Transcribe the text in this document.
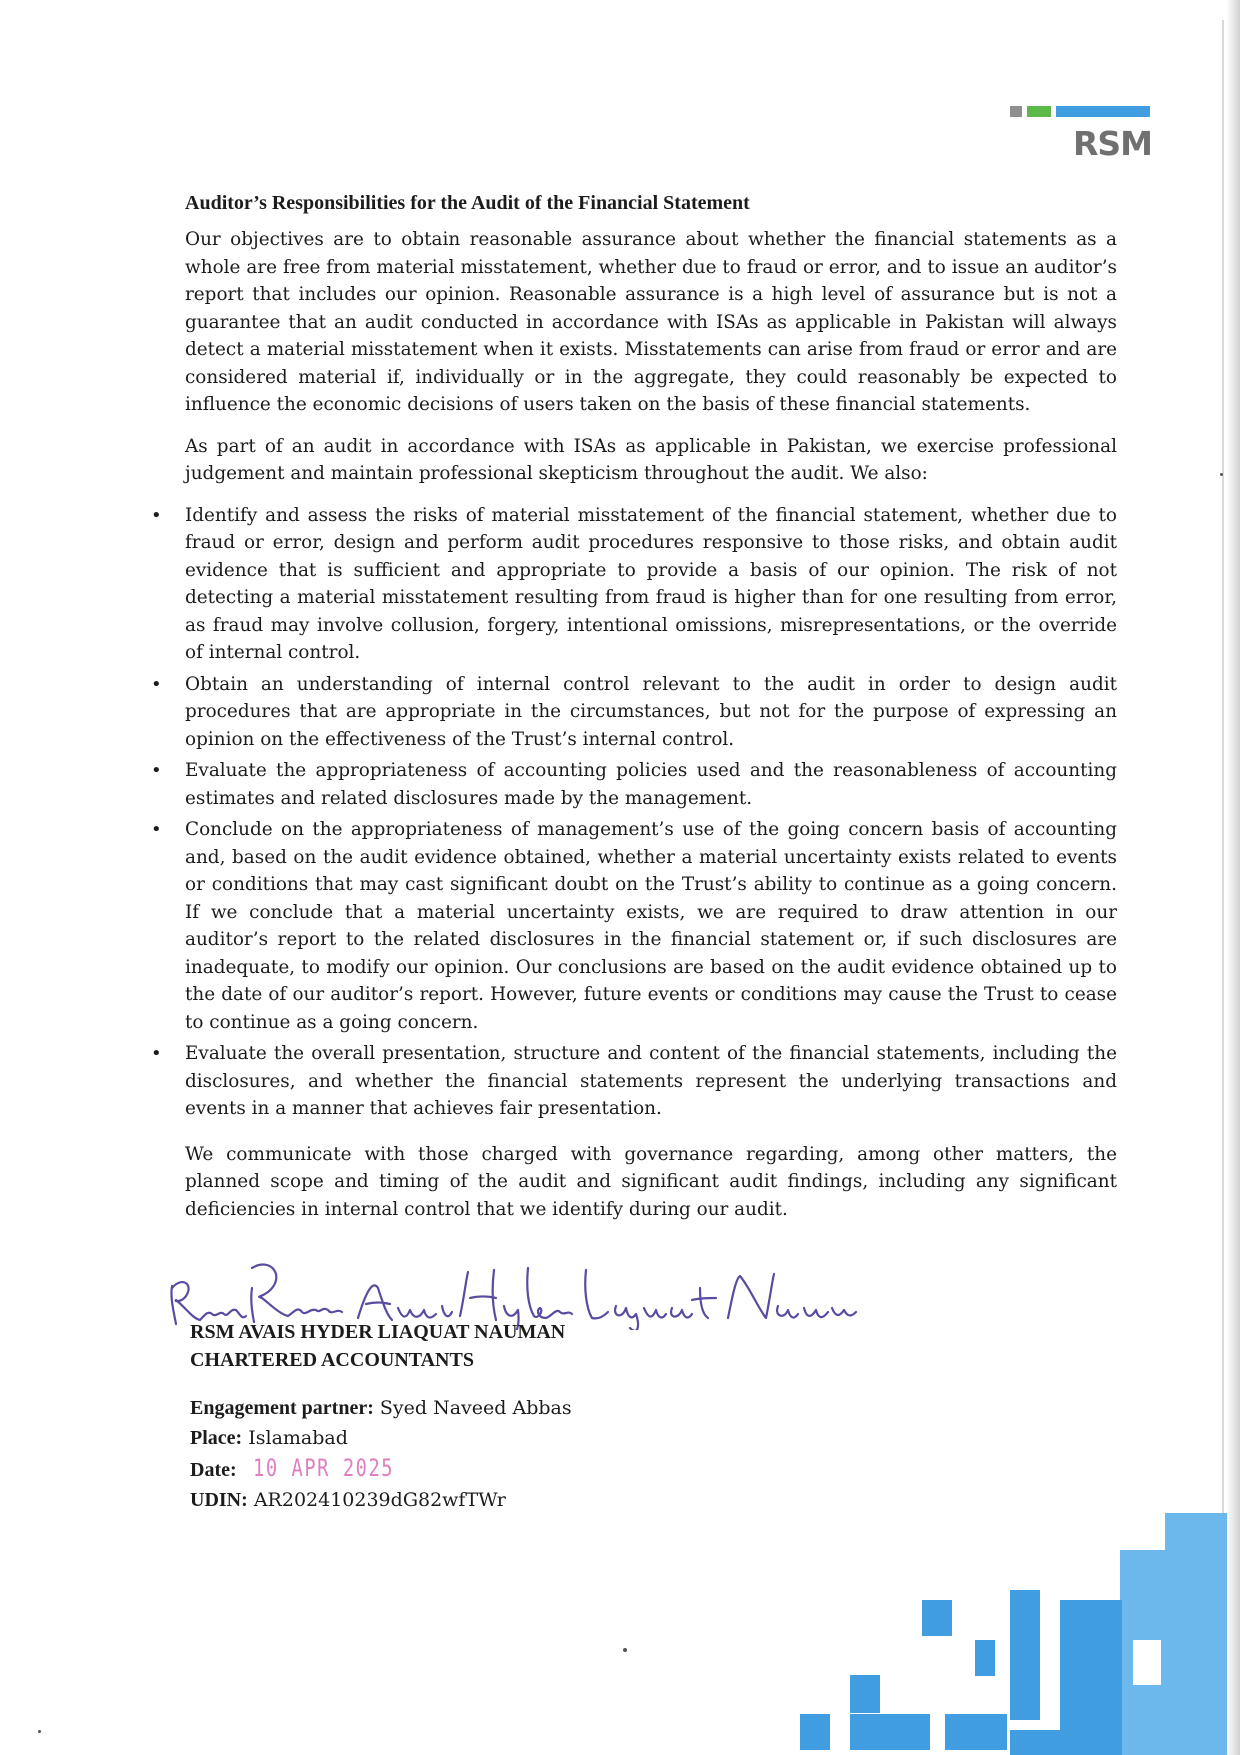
RSM
Auditor’s Responsibilities for the Audit of the Financial Statement

Our objectives are to obtain reasonable assurance about whether the financial statements as a whole are free from material misstatement, whether due to fraud or error, and to issue an auditor’s report that includes our opinion. Reasonable assurance is a high level of assurance but is not a guarantee that an audit conducted in accordance with ISAs as applicable in Pakistan will always detect a material misstatement when it exists. Misstatements can arise from fraud or error and are considered material if, individually or in the aggregate, they could reasonably be expected to influence the economic decisions of users taken on the basis of these financial statements.

As part of an audit in accordance with ISAs as applicable in Pakistan, we exercise professional judgement and maintain professional skepticism throughout the audit. We also:

• Identify and assess the risks of material misstatement of the financial statement, whether due to fraud or error, design and perform audit procedures responsive to those risks, and obtain audit evidence that is sufficient and appropriate to provide a basis of our opinion. The risk of not detecting a material misstatement resulting from fraud is higher than for one resulting from error, as fraud may involve collusion, forgery, intentional omissions, misrepresentations, or the override of internal control.
• Obtain an understanding of internal control relevant to the audit in order to design audit procedures that are appropriate in the circumstances, but not for the purpose of expressing an opinion on the effectiveness of the Trust’s internal control.
• Evaluate the appropriateness of accounting policies used and the reasonableness of accounting estimates and related disclosures made by the management.
• Conclude on the appropriateness of management’s use of the going concern basis of accounting and, based on the audit evidence obtained, whether a material uncertainty exists related to events or conditions that may cast significant doubt on the Trust’s ability to continue as a going concern. If we conclude that a material uncertainty exists, we are required to draw attention in our auditor’s report to the related disclosures in the financial statement or, if such disclosures are inadequate, to modify our opinion. Our conclusions are based on the audit evidence obtained up to the date of our auditor’s report. However, future events or conditions may cause the Trust to cease to continue as a going concern.
• Evaluate the overall presentation, structure and content of the financial statements, including the disclosures, and whether the financial statements represent the underlying transactions and events in a manner that achieves fair presentation.

We communicate with those charged with governance regarding, among other matters, the planned scope and timing of the audit and significant audit findings, including any significant deficiencies in internal control that we identify during our audit.

RSM AVAIS HYDER LIAQUAT NAUMAN
CHARTERED ACCOUNTANTS
Engagement partner: Syed Naveed Abbas
Place: Islamabad
Date: 10 APR 2025
UDIN: AR202410239dG82wfTWr
